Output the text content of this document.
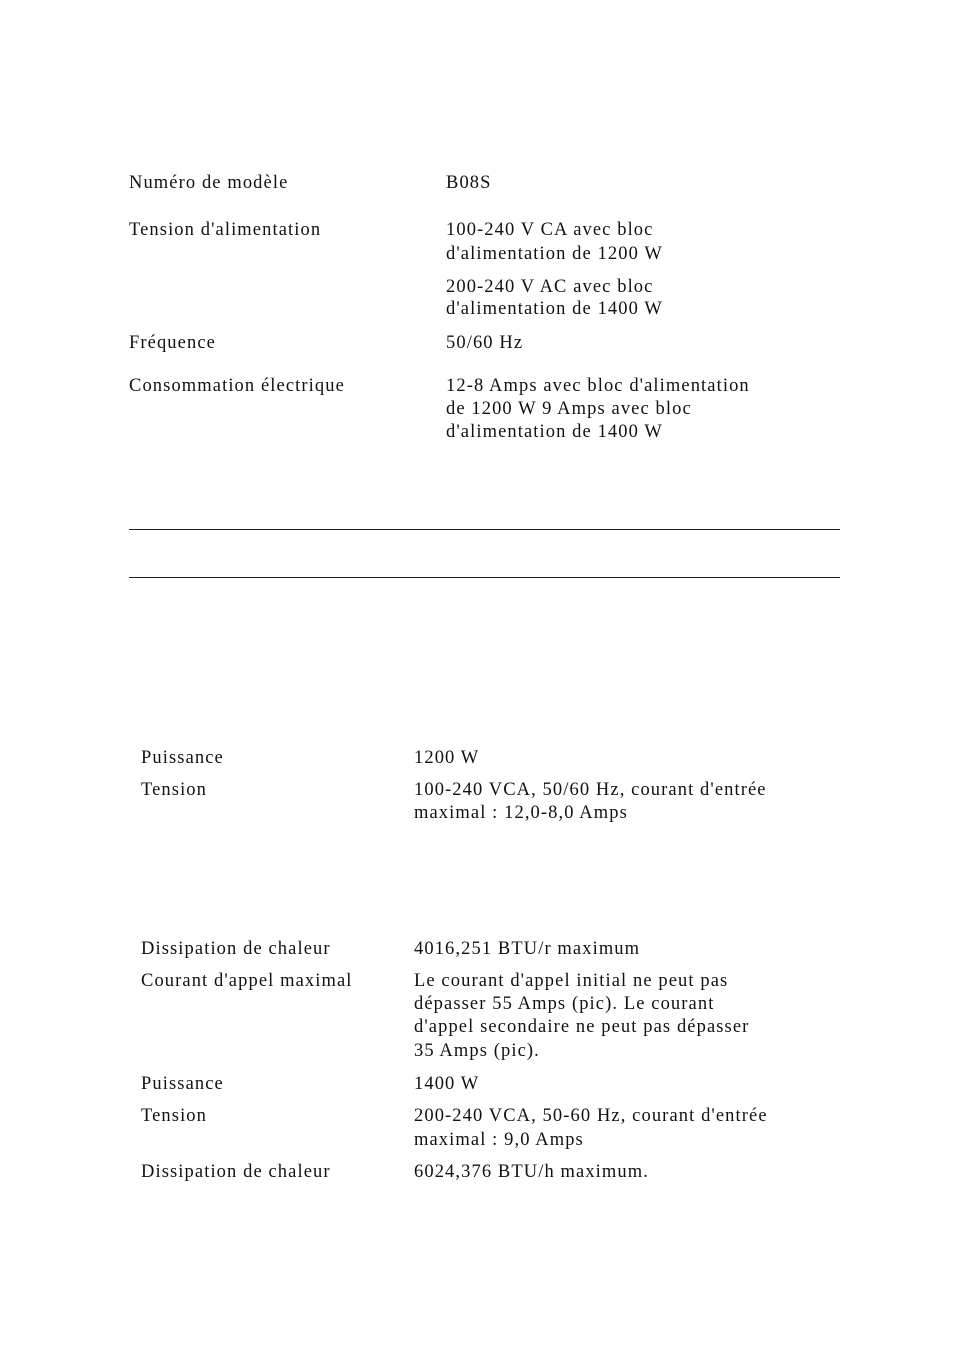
Numéro de modèle	B08S
Tension d'alimentation	100-240 V CA avec bloc
d'alimentation de 1200 W
200-240 V AC avec bloc
d'alimentation de 1400 W
Fréquence	50/60 Hz
Consommation électrique	12-8 Amps avec bloc d'alimentation
de 1200 W 9 Amps avec bloc
d'alimentation de 1400 W
Puissance	1200 W
Tension	100-240 VCA, 50/60 Hz, courant d'entrée
maximal : 12,0-8,0 Amps
Dissipation de chaleur	4016,251 BTU/r maximum
Courant d'appel maximal	Le courant d'appel initial ne peut pas
dépasser 55 Amps (pic). Le courant
d'appel secondaire ne peut pas dépasser
35 Amps (pic).
Puissance	1400 W
Tension	200-240 VCA, 50-60 Hz, courant d'entrée
maximal : 9,0 Amps
Dissipation de chaleur	6024,376 BTU/h maximum.
